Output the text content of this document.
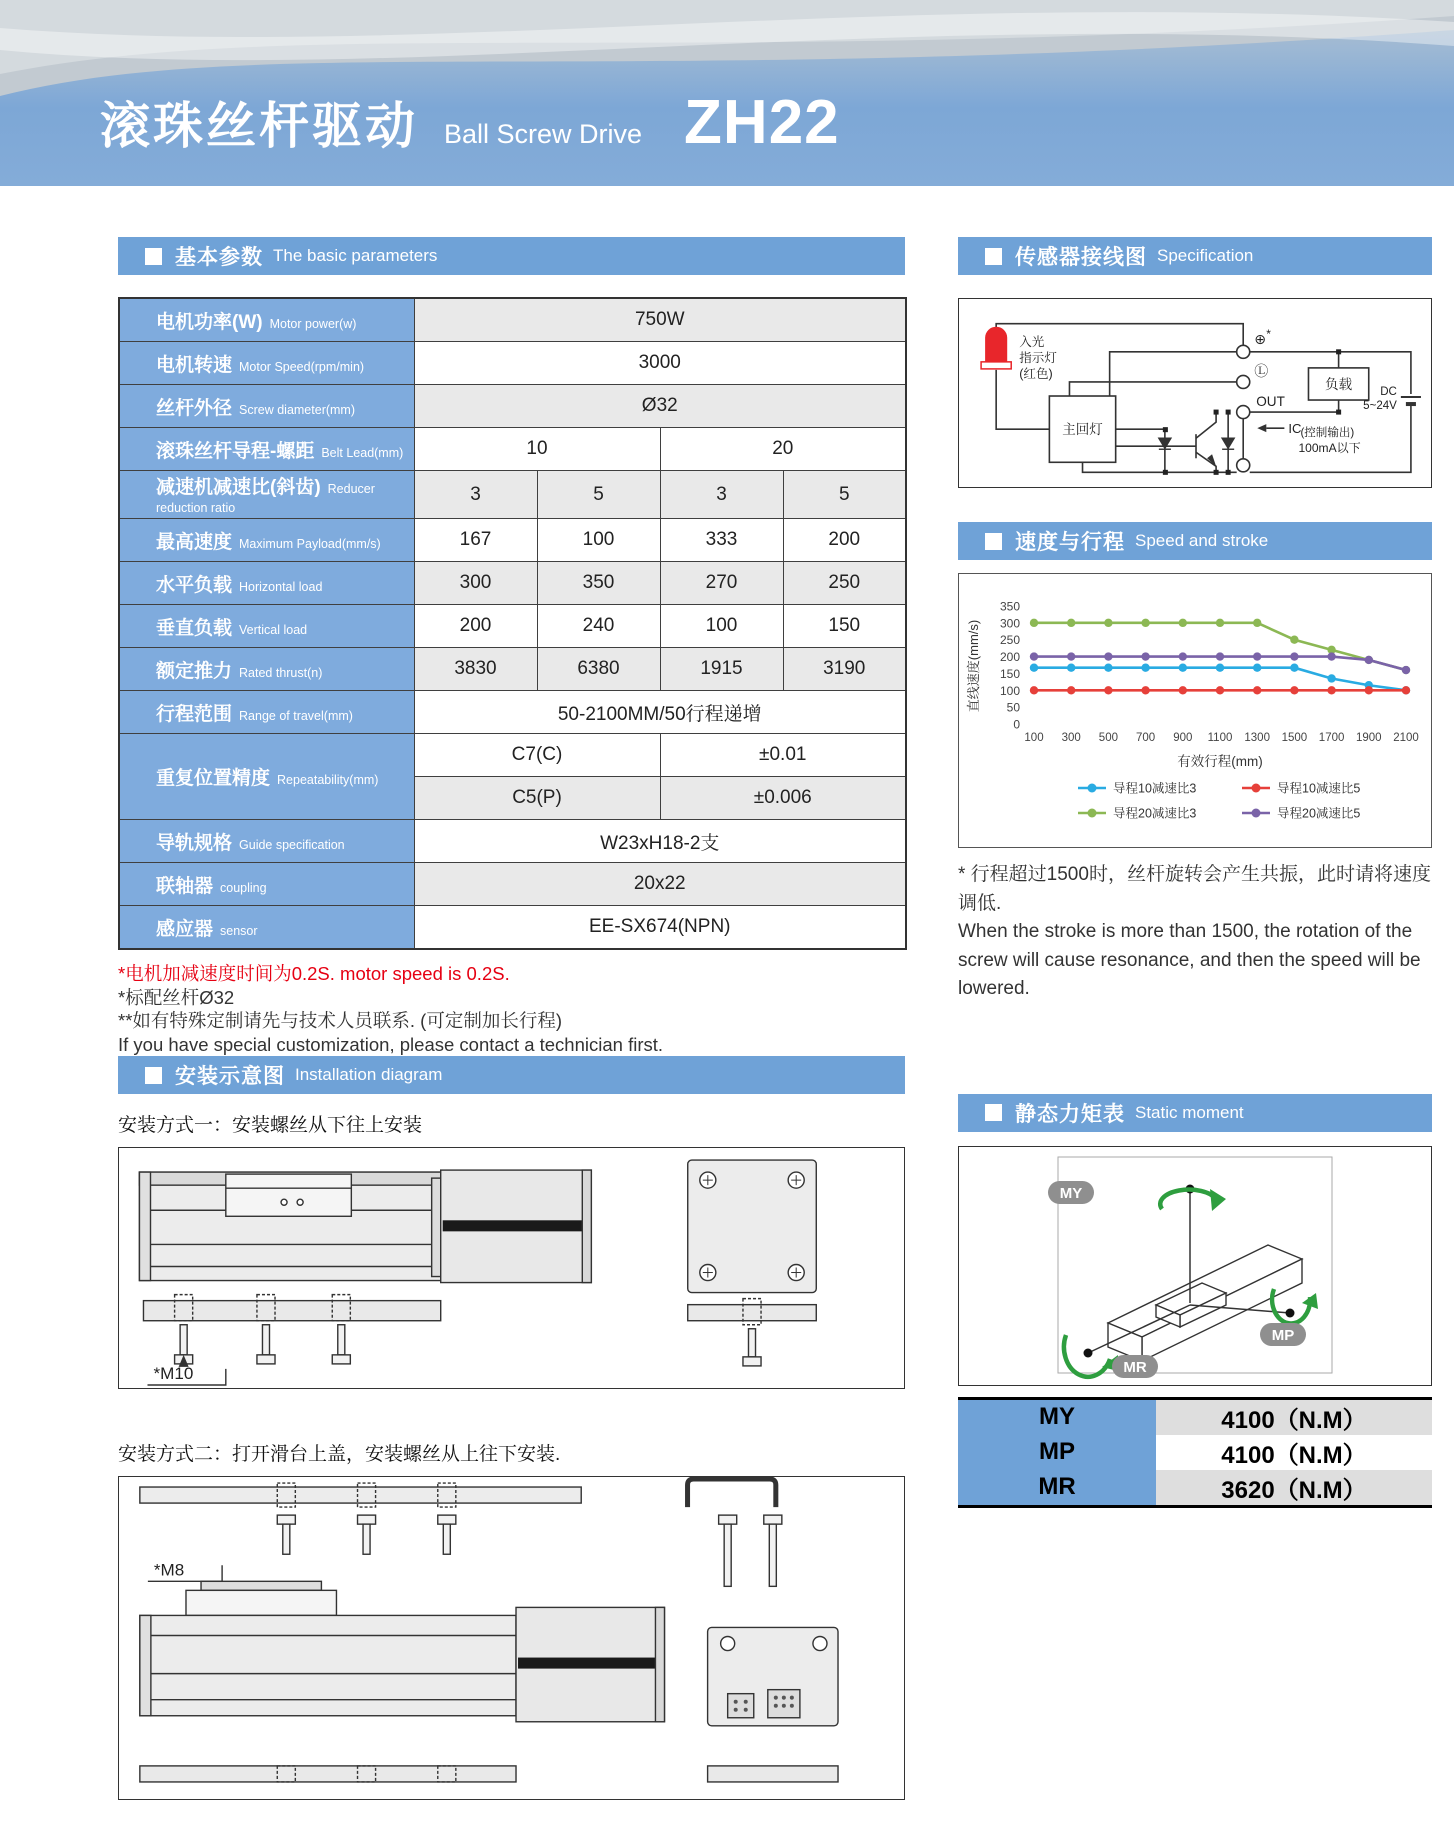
滚珠丝杆驱动 Ball Screw Drive ZH22
基本参数 The basic parameters
电机功率(W) Motor power(w)	750W			
电机转速 Motor Speed(rpm/min)	3000			
丝杆外径 Screw diameter(mm)	Ø32			
滚珠丝杆导程-螺距 Belt Lead(mm)	10		20	
减速机减速比(斜齿) Reducer reduction ratio	3	5	3	5
最高速度 Maximum Payload(mm/s)	167	100	333	200
水平负载 Horizontal load	300	350	270	250
垂直负载 Vertical load	200	240	100	150
额定推力 Rated thrust(n)	3830	6380	1915	3190
行程范围 Range of travel(mm)	50-2100MM/50行程递增			
重复位置精度 Repeatability(mm)	C7(C)		±0.01	
	C5(P)		±0.006	
导轨规格 Guide specification	W23xH18-2支			
联轴器 coupling	20x22			
感应器 sensor	EE-SX674(NPN)			
*电机加减速度时间为0.2S. motor speed is 0.2S.
*标配丝杆Ø32
**如有特殊定制请先与技术人员联系. (可定制加长行程)
If you have special customization, please contact a technician first.
安装示意图 Installation diagram
安装方式一：安装螺丝从下往上安装
*M10
安装方式二：打开滑台上盖，安装螺丝从上往下安装.
*M8
传感器接线图 Specification
入光
指示灯
(红色)
主回灯
负载
⊕ *
Ⓛ
OUT
IC
(控制输出)
100mA以下
DC
5~24V
速度与行程 Speed and stroke
0
50
100
150
200
250
300
350
100 300 500 700 900 1100 1300 1500 1700 1900 2100
直线速度(mm/s)
有效行程(mm)
导程10减速比3	导程10减速比5
导程20减速比3	导程20减速比5
* 行程超过1500时，丝杆旋转会产生共振，此时请将速度调低.
When the stroke is more than 1500, the rotation of the screw will cause resonance, and then the speed will be lowered.
静态力矩表 Static moment
MY
MP
MR
MY	4100（N.M）
MP	4100（N.M）
MR	3620（N.M）
